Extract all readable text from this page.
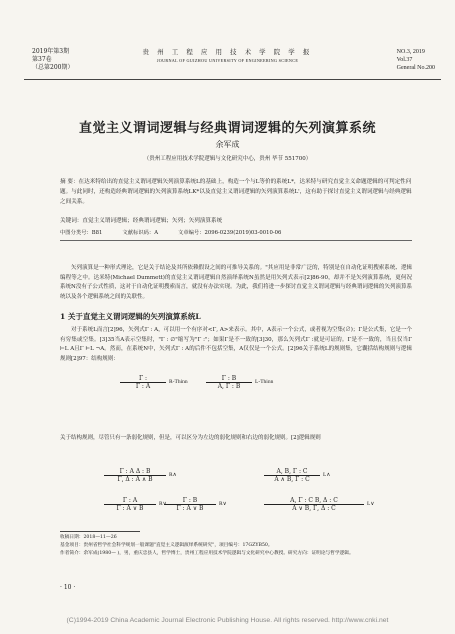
2019年第3期
第37卷
（总第200期）
贵 州 工 程 应 用 技 术 学 院 学 报
JOURNAL OF GUIZHOU UNIVERSITY OF ENGINEERING SCIENCE
NO.3, 2019
Vol.37
General No.200
直觉主义谓词逻辑与经典谓词逻辑的矢列演算系统
余军成
（贵州工程应用技术学院逻辑与文化研究中心，贵州 毕节 551700）
摘 要：在达米特给出的直觉主义谓词逻辑矢列演算系统L的基础上，构造一个与L等价的系统L*，达米特与研究直觉主义命题逻辑的可判定性问题。与此同时，还构造经典谓词逻辑的矢列演算系统LK*以及直觉主义谓词逻辑的矢列演算系统L'，这有助于探讨直觉主义谓词逻辑与经典逻辑之间关系。
关键词：直觉主义谓词逻辑；经典谓词逻辑；矢列；矢列演算系统
中图分类号：B81	文献标识码：A	文章编号：2096-0239(2019)03-0010-06
矢列演算是一种形式理论，它是关于结论及其所依赖假设之间的可推导关系的。"其应用是非常广泛的，特别是在自动化证明搜索系统、逻辑编程等之中。达米特(Michael Dummett)的直觉主义谓词逻辑自然演绎系统N虽然是用矢列式表示[2]86-90，却并不是矢列演算系统，更何况系统N没有子公式性质，这对于自动化证明搜索而言，就没有办法实现。为此，我们将进一步探讨直觉主义谓词逻辑与经典谓词逻辑的矢列演算系统以及各个逻辑系统之间的关联性。
1 关于直觉主义谓词逻辑的矢列演算系统L
对于系统L而言[2]96，矢列式Γ : A，可以用一个有序对<Γ, A>来表示。其中，A表示一个公式，或者视为空集(∅)；Γ是公式集，它是一个有穷集或空集。[3]35当A表示空集时，"Γ : ∅"缩写为"Γ :"；如果Γ是不一致的[3]30，那么矢列式Γ :就是可证的。Γ是不一致的，当且仅当Γ ⊢L A且Γ ⊢L ¬A。然而，在系统N中，矢列式Γ : A的后件不包括空集，A仅仅是一个公式。[2]96关于系统L的规则集，它囊括结构规则与逻辑规则[2]97：结构规则：
Γ :
Γ : A
R-Thinn	Γ : B
A, Γ : B
L-Thinn
关于结构规则，尽管只有一条弱化规则，但是，可以区分为左边的弱化规则和右边的弱化规则。[2]逻辑规则
Γ : A Δ : B
Γ, Δ : A ∧ B
R∧	A, B, Γ : C
A ∧ B, Γ : C
L∧
Γ : A
Γ : A ∨ B
R∨	Γ : B
Γ : A ∨ B
R∨	A, Γ : C B, Δ : C
A ∨ B, Γ, Δ : C
L∨
收稿日期：2018—11—26
基金项目：贵州省哲学社会科学规划一般课题"直觉主义逻辑演绎系统研究"，项目编号：17GZYB50。
作者简介：余军成(1980— )，男，重庆忠县人，哲学博士，贵州工程应用技术学院逻辑与文化研究中心教授。研究方向：证明论与哲学逻辑。
· 10 ·
(C)1994-2019 China Academic Journal Electronic Publishing House. All rights reserved. http://www.cnki.net
